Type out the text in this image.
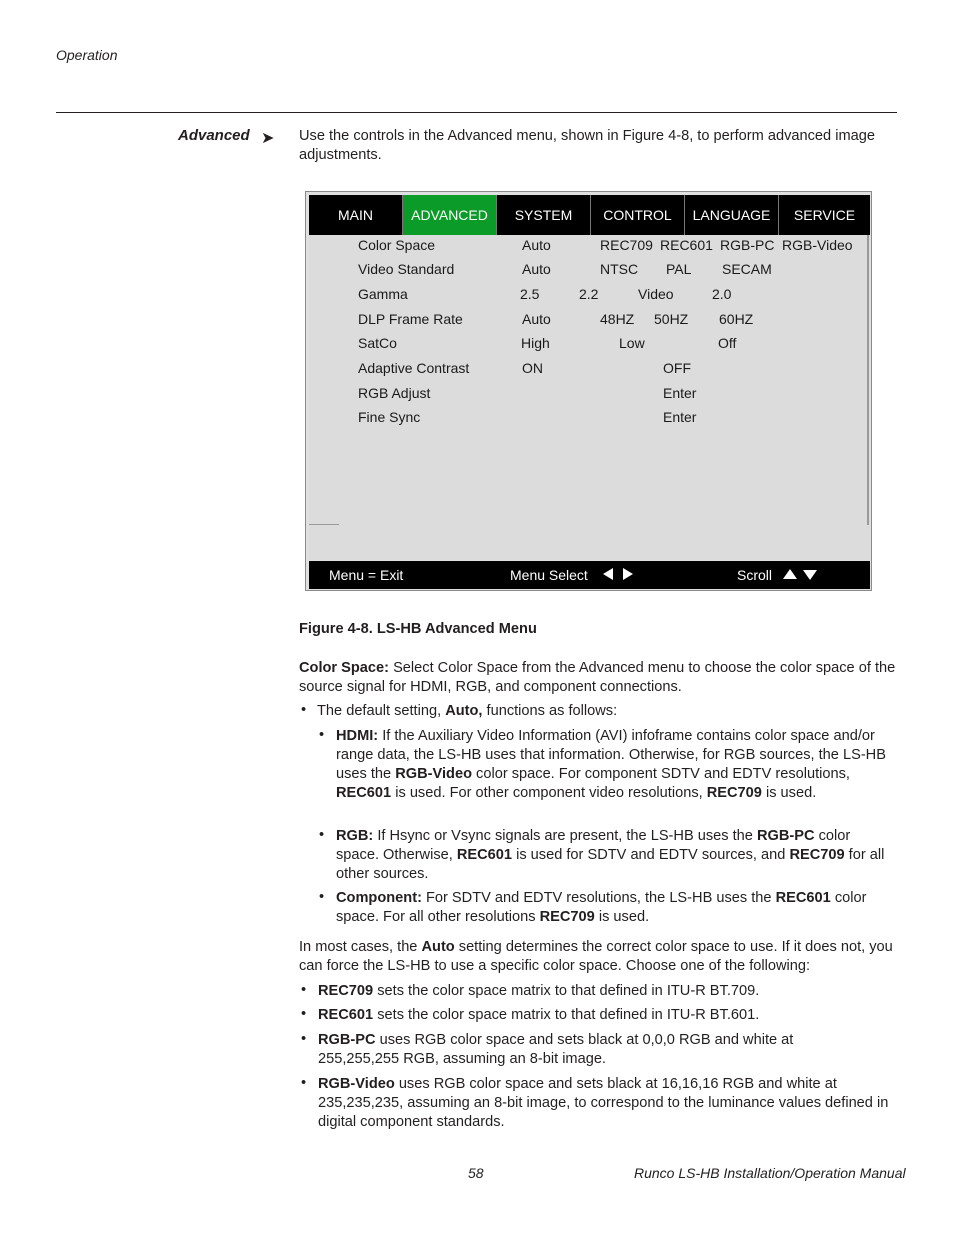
Operation
Advanced ➤ Use the controls in the Advanced menu, shown in Figure 4-8, to perform advanced image adjustments.
MAIN	ADVANCED	SYSTEM	CONTROL	LANGUAGE	SERVICE
Color Space	Auto	REC709 REC601 RGB-PC RGB-Video
Video Standard	Auto	NTSC PAL SECAM
Gamma	2.5	2.2	Video	2.0
DLP Frame Rate	Auto	48HZ 50HZ 60HZ
SatCo	High	Low	Off
Adaptive Contrast	ON	OFF
RGB Adjust	Enter
Fine Sync	Enter
Menu = Exit	Menu Select	Scroll
Figure 4-8. LS-HB Advanced Menu
Color Space: Select Color Space from the Advanced menu to choose the color space of the source signal for HDMI, RGB, and component connections.
• The default setting, Auto, functions as follows:
• HDMI: If the Auxiliary Video Information (AVI) infoframe contains color space and/or range data, the LS-HB uses that information. Otherwise, for RGB sources, the LS-HB uses the RGB-Video color space. For component SDTV and EDTV resolutions, REC601 is used. For other component video resolutions, REC709 is used.
• RGB: If Hsync or Vsync signals are present, the LS-HB uses the RGB-PC color space. Otherwise, REC601 is used for SDTV and EDTV sources, and REC709 for all other sources.
• Component: For SDTV and EDTV resolutions, the LS-HB uses the REC601 color space. For all other resolutions REC709 is used.
In most cases, the Auto setting determines the correct color space to use. If it does not, you can force the LS-HB to use a specific color space. Choose one of the following:
• REC709 sets the color space matrix to that defined in ITU-R BT.709.
• REC601 sets the color space matrix to that defined in ITU-R BT.601.
• RGB-PC uses RGB color space and sets black at 0,0,0 RGB and white at 255,255,255 RGB, assuming an 8-bit image.
• RGB-Video uses RGB color space and sets black at 16,16,16 RGB and white at 235,235,235, assuming an 8-bit image, to correspond to the luminance values defined in digital component standards.
58	Runco LS-HB Installation/Operation Manual
